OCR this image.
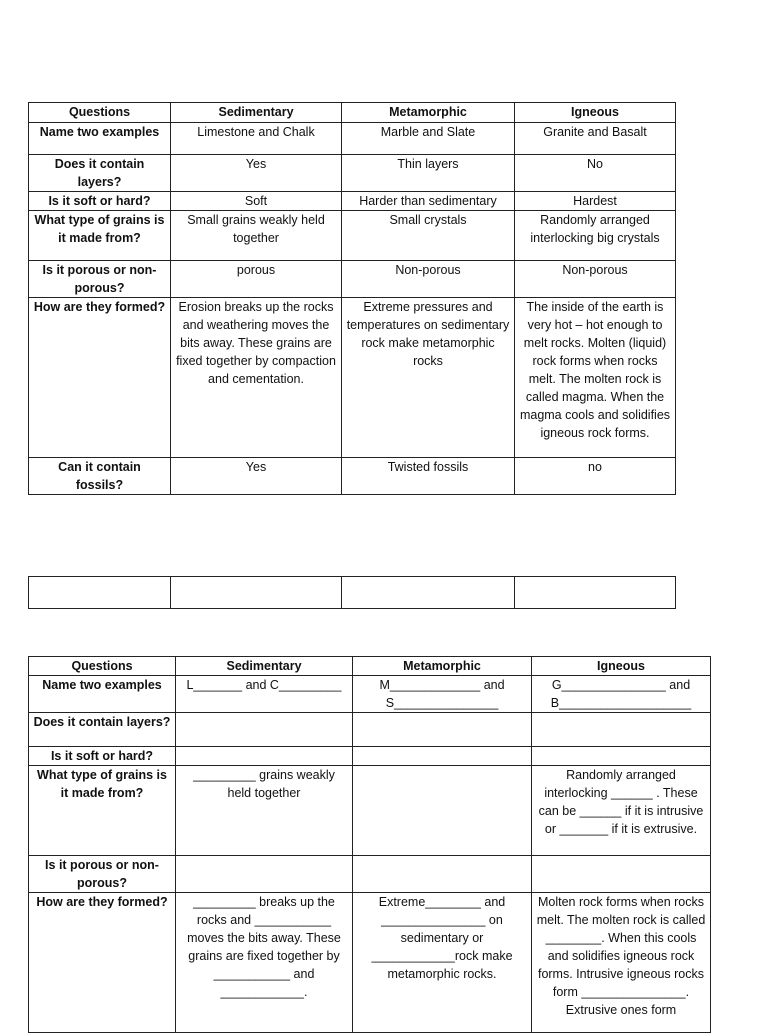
Questions	Sedimentary	Metamorphic	Igneous
Name two examples	Limestone and Chalk	Marble and Slate	Granite and Basalt
Does it contain layers?	Yes	Thin layers	No
Is it soft or hard?	Soft	Harder than sedimentary	Hardest
What type of grains is it made from?	Small grains weakly held together	Small crystals	Randomly arranged interlocking big crystals
Is it porous or non-porous?	porous	Non-porous	Non-porous
How are they formed?	Erosion breaks up the rocks and weathering moves the bits away. These grains are fixed together by compaction and cementation.	Extreme pressures and temperatures on sedimentary rock make metamorphic rocks	The inside of the earth is very hot – hot enough to melt rocks. Molten (liquid) rock forms when rocks melt. The molten rock is called magma. When the magma cools and solidifies igneous rock forms.
Can it contain fossils?	Yes	Twisted fossils	no

Questions	Sedimentary	Metamorphic	Igneous
Name two examples	L_______ and C_________	M_____________ and S_______________	G_______________ and B___________________
Does it contain layers?			
Is it soft or hard?			
What type of grains is it made from?	_________ grains weakly held together		Randomly arranged interlocking ______ . These can be ______ if it is intrusive or _______ if it is extrusive.
Is it porous or non-porous?			
How are they formed?	_________ breaks up the rocks and ___________ moves the bits away. These grains are fixed together by ___________ and ____________.	Extreme________ and _______________ on sedimentary or ____________rock make metamorphic rocks.	Molten rock forms when rocks melt. The molten rock is called ________. When this cools and solidifies igneous rock forms. Intrusive igneous rocks form _______________. Extrusive ones form
